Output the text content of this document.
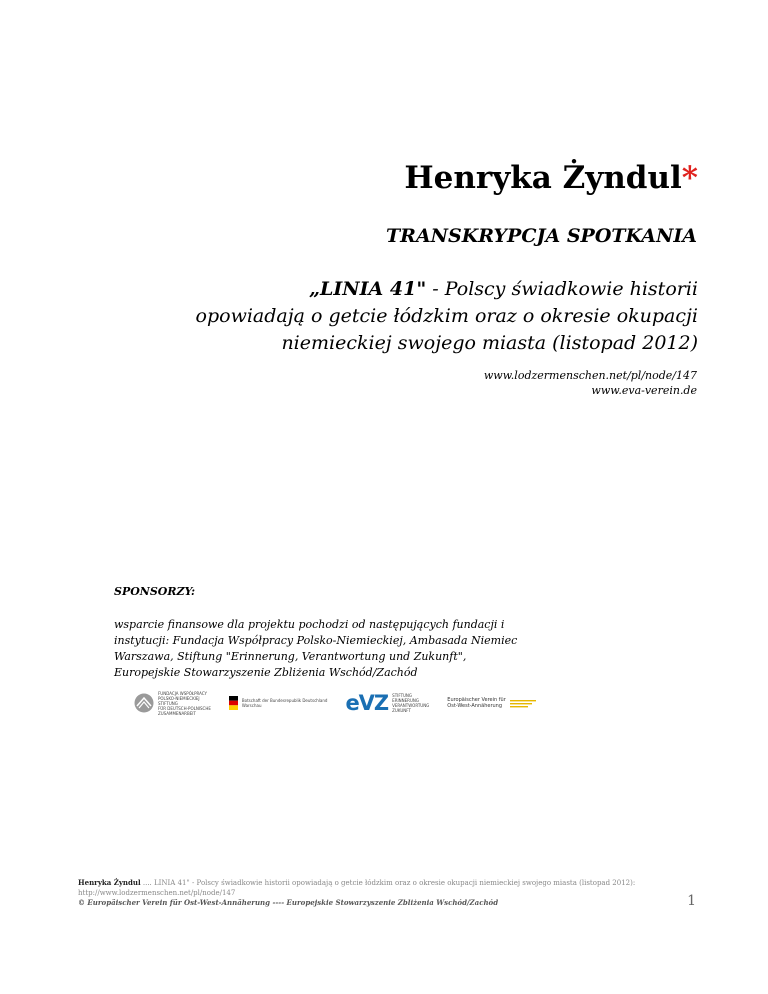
Henryka Żyndul*
TRANSKRYPCJA SPOTKANIA
„LINIA 41" - Polscy świadkowie historii
opowiadają o getcie łódzkim oraz o okresie okupacji
niemieckiej swojego miasta (listopad 2012)
www.lodzermenschen.net/pl/node/147
www.eva-verein.de
SPONSORZY:
wsparcie finansowe dla projektu pochodzi od następujących fundacji i
instytucji: Fundacja Współpracy Polsko-Niemieckiej, Ambasada Niemiec
Warszawa, Stiftung "Erinnerung, Verantwortung und Zukunft",
Europejskie Stowarzyszenie Zbliżenia Wschód/Zachód
FUNDACJA WSPÓŁPRACY
POLSKO-NIEMIECKIEJ
STIFTUNG
FÜR DEUTSCH-POLNISCHE
ZUSAMMENARBEIT
Botschaft der Bundesrepublik Deutschland
Warschau	eVZ STIFTUNG
ERINNERUNG
VERANTWORTUNG
ZUKUNFT
Europäischer Verein für
Ost-West-Annäherung
Henryka Żyndul .... LINIA 41" - Polscy świadkowie historii opowiadają o getcie łódzkim oraz o okresie okupacji niemieckiej swojego miasta (listopad 2012):
http://www.lodzermenschen.net/pl/node/147
© Europäischer Verein für Ost-West-Annäherung ---- Europejskie Stowarzyszenie Zbliżenia Wschód/Zachód	1
